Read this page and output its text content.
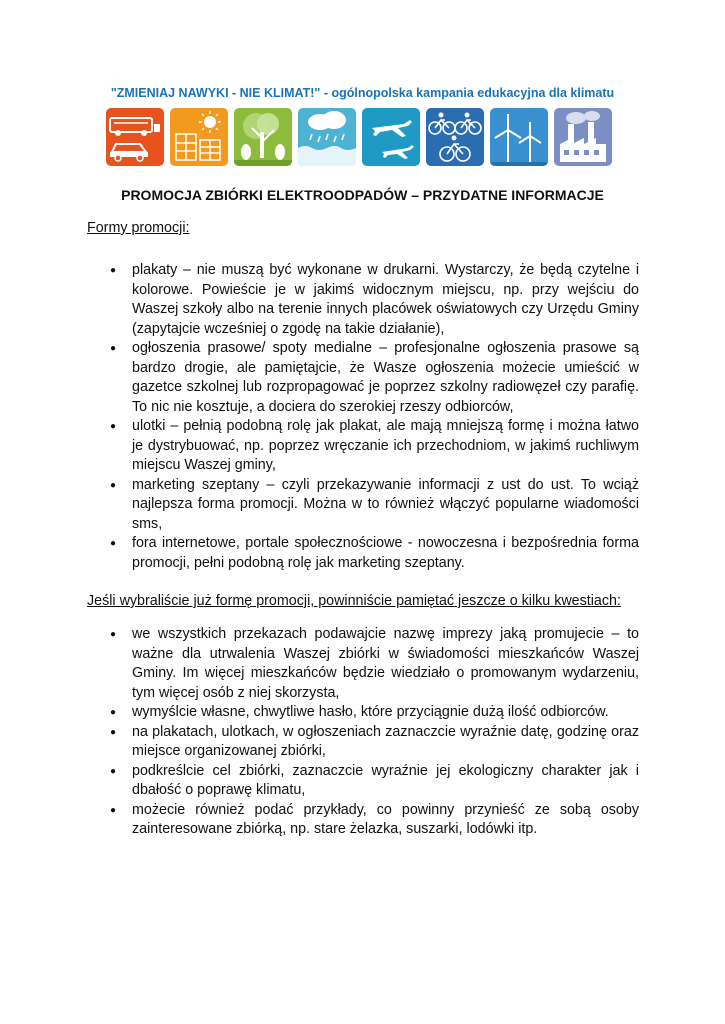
"ZMIENIAJ NAWYKI - NIE KLIMAT!" - ogólnopolska kampania edukacyjna dla klimatu
PROMOCJA ZBIÓRKI ELEKTROODPADÓW – PRZYDATNE INFORMACJE
Formy promocji:
● plakaty – nie muszą być wykonane w drukarni. Wystarczy, że będą czytelne i kolorowe. Powieście je w jakimś widocznym miejscu, np. przy wejściu do Waszej szkoły albo na terenie innych placówek oświatowych czy Urzędu Gminy (zapytajcie wcześniej o zgodę na takie działanie),
● ogłoszenia prasowe/ spoty medialne – profesjonalne ogłoszenia prasowe są bardzo drogie, ale pamiętajcie, że Wasze ogłoszenia możecie umieścić w gazetce szkolnej lub rozpropagować je poprzez szkolny radiowęzeł czy parafię. To nic nie kosztuje, a dociera do szerokiej rzeszy odbiorców,
● ulotki – pełnią podobną rolę jak plakat, ale mają mniejszą formę i można łatwo je dystrybuować, np. poprzez wręczanie ich przechodniom, w jakimś ruchliwym miejscu Waszej gminy,
● marketing szeptany – czyli przekazywanie informacji z ust do ust. To wciąż najlepsza forma promocji. Można w to również włączyć popularne wiadomości sms,
● fora internetowe, portale społecznościowe - nowoczesna i bezpośrednia forma promocji, pełni podobną rolę jak marketing szeptany.
Jeśli wybraliście już formę promocji, powinniście pamiętać jeszcze o kilku kwestiach:
● we wszystkich przekazach podawajcie nazwę imprezy jaką promujecie – to ważne dla utrwalenia Waszej zbiórki w świadomości mieszkańców Waszej Gminy. Im więcej mieszkańców będzie wiedziało o promowanym wydarzeniu, tym więcej osób z niej skorzysta,
● wymyślcie własne, chwytliwe hasło, które przyciągnie dużą ilość odbiorców.
● na plakatach, ulotkach, w ogłoszeniach zaznaczcie wyraźnie datę, godzinę oraz miejsce organizowanej zbiórki,
● podkreślcie cel zbiórki, zaznaczcie wyraźnie jej ekologiczny charakter jak i dbałość o poprawę klimatu,
● możecie również podać przykłady, co powinny przynieść ze sobą osoby zainteresowane zbiórką, np. stare żelazka, suszarki, lodówki itp.
